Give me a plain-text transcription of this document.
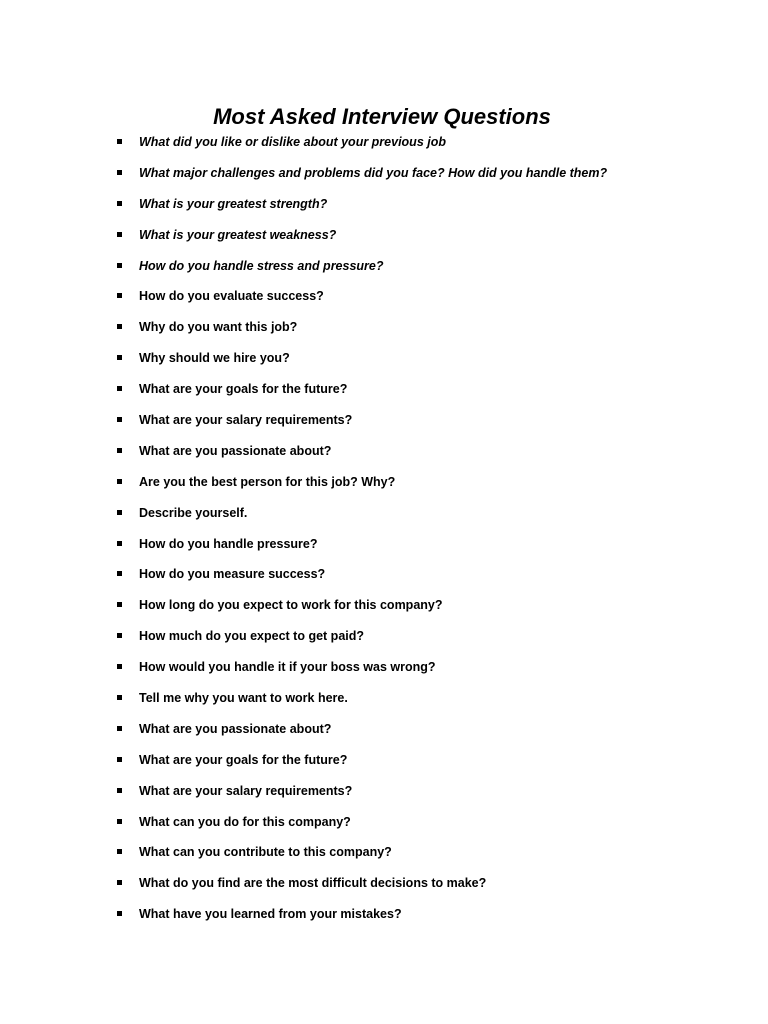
Most Asked Interview Questions
What did you like or dislike about your previous job
What major challenges and problems did you face? How did you handle them?
What is your greatest strength?
What is your greatest weakness?
How do you handle stress and pressure?
How do you evaluate success?
Why do you want this job?
Why should we hire you?
What are your goals for the future?
What are your salary requirements?
What are you passionate about?
Are you the best person for this job? Why?
Describe yourself.
How do you handle pressure?
How do you measure success?
How long do you expect to work for this company?
How much do you expect to get paid?
How would you handle it if your boss was wrong?
Tell me why you want to work here.
What are you passionate about?
What are your goals for the future?
What are your salary requirements?
What can you do for this company?
What can you contribute to this company?
What do you find are the most difficult decisions to make?
What have you learned from your mistakes?
